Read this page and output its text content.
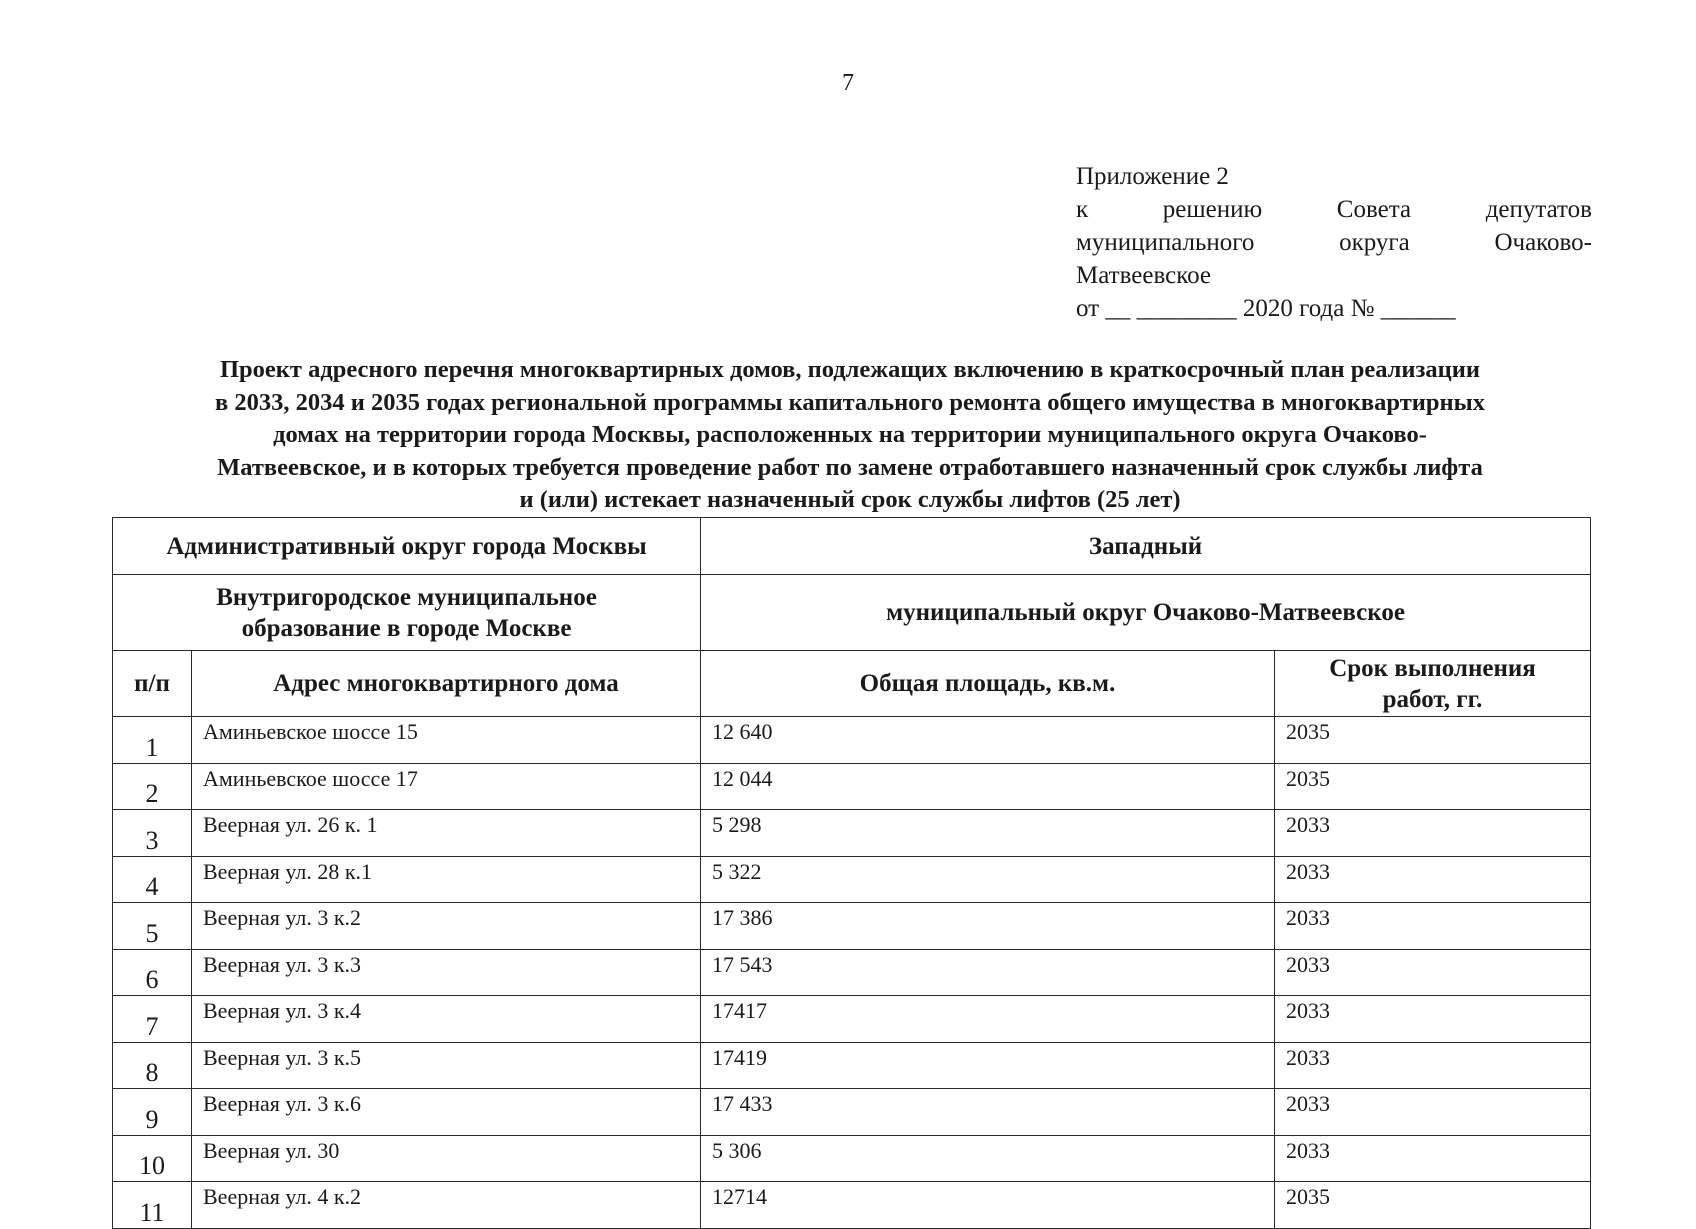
7
Приложение 2
к	решению	Совета	депутатов
муниципального	округа	Очаково-
Матвеевское
от __ ________ 2020 года № ______
Проект адресного перечня многоквартирных домов, подлежащих включению в краткосрочный план реализации
в 2033, 2034 и 2035 годах региональной программы капитального ремонта общего имущества в многоквартирных
домах на территории города Москвы, расположенных на территории муниципального округа Очаково-
Матвеевское, и в которых требуется проведение работ по замене отработавшего назначенный срок службы лифта
и (или) истекает назначенный срок службы лифтов (25 лет)
Административный округ города Москвы		Западный	

Внутригородское муниципальное
образование в городе Москве		муниципальный округ Очаково-Матвеевское	
п/п	Адрес многоквартирного дома	Общая площадь, кв.м.	Срок выполнения
работ, гг.

1	Аминьевское шоссе 15	12 640	2035
2	Аминьевское шоссе 17	12 044	2035
3	Веерная ул. 26 к. 1	5 298	2033
4	Веерная ул. 28 к.1	5 322	2033
5	Веерная ул. 3 к.2	17 386	2033
6	Веерная ул. 3 к.3	17 543	2033
7	Веерная ул. 3 к.4	17417	2033
8	Веерная ул. 3 к.5	17419	2033
9	Веерная ул. 3 к.6	17 433	2033
10	Веерная ул. 30	5 306	2033
11	Веерная ул. 4 к.2	12714	2035
